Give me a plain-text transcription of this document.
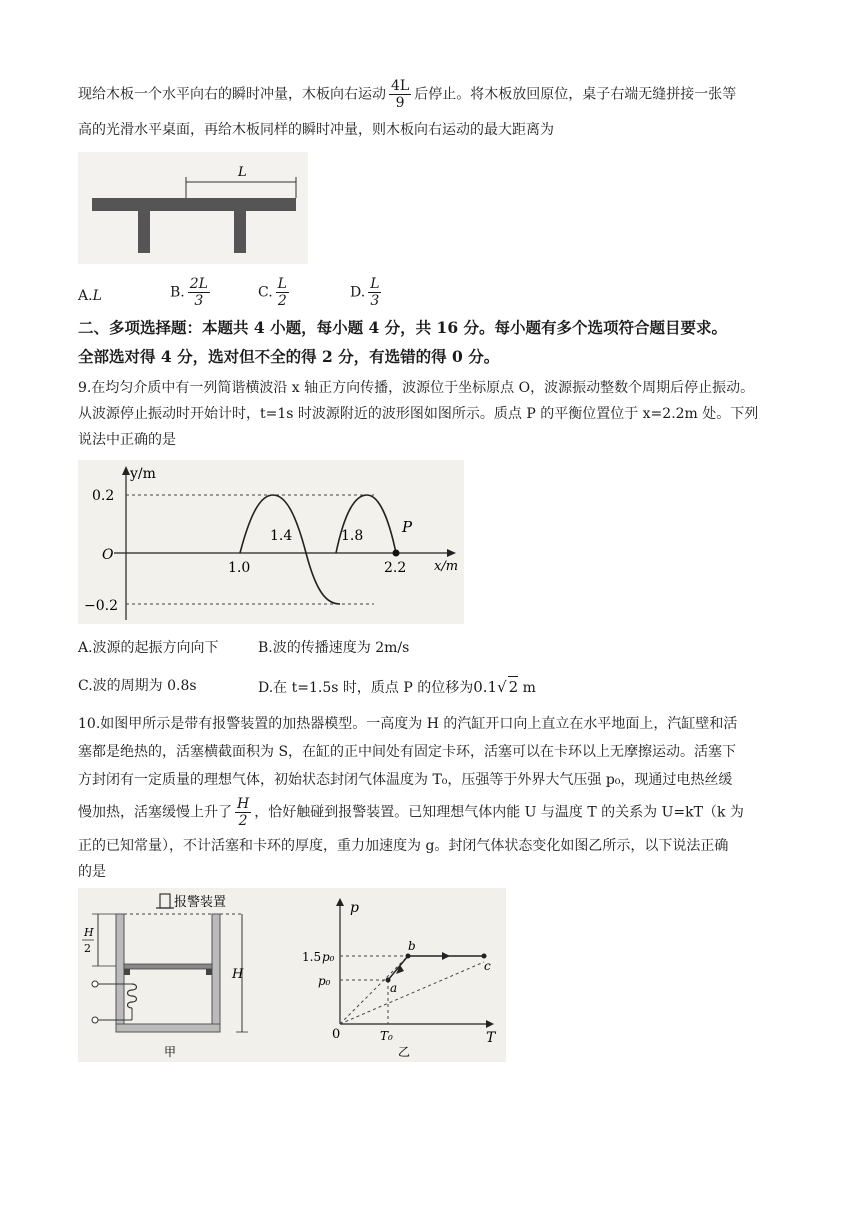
现给木板一个水平向右的瞬时冲量，木板向右运动 $\frac{4L}{9}$ 后停止。将木板放回原位，桌子右端无缝拼接一张等
高的光滑水平桌面，再给木板同样的瞬时冲量，则木板向右运动的最大距离为
L
A.L	B. $\frac{2L}{3}$	C. $\frac{L}{2}$	D. $\frac{L}{3}$
二、多项选择题：本题共 4 小题，每小题 4 分，共 16 分。每小题有多个选项符合题目要求。
全部选对得 4 分，选对但不全的得 2 分，有选错的得 0 分。
9.在均匀介质中有一列简谐横波沿 x 轴正方向传播，波源位于坐标原点 O，波源振动整数个周期后停止振动。
从波源停止振动时开始计时，t=1s 时波源附近的波形图如图所示。质点 P 的平衡位置位于 x=2.2m 处。下列
说法中正确的是
y/m
x/m
O
0.2
−0.2
1.0
1.4	1.8
2.2
P
A.波源的起振方向向下	B.波的传播速度为 2m/s
C.波的周期为 0.8s	D.在 t=1.5s 时，质点 P 的位移为0.1√ 2 m
10.如图甲所示是带有报警装置的加热器模型。一高度为 H 的汽缸开口向上直立在水平地面上，汽缸壁和活
塞都是绝热的，活塞横截面积为 S，在缸的正中间处有固定卡环，活塞可以在卡环以上无摩擦运动。活塞下
方封闭有一定质量的理想气体，初始状态封闭气体温度为 T₀，压强等于外界大气压强 p₀，现通过电热丝缓
慢加热，活塞缓慢上升了 $\frac{H}{2}$ ，恰好触碰到报警装置。已知理想气体内能 U 与温度 T 的关系为 U=kT（k 为
正的已知常量），不计活塞和卡环的厚度，重力加速度为 g。封闭气体状态变化如图乙所示，以下说法正确
的是
报警装置
H
2
H
甲
p
T
0
1.5 p₀
p₀
T₀
a
b
c
乙
